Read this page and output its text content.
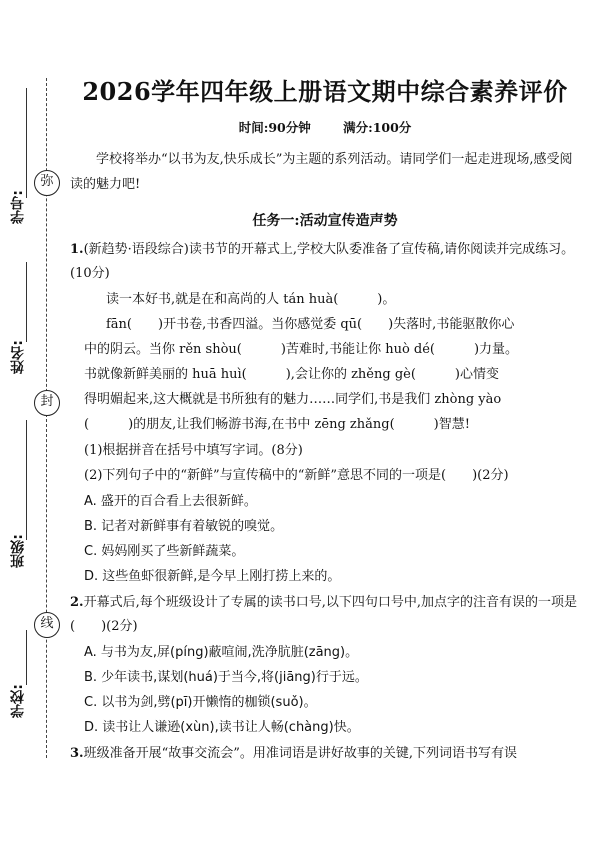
弥
封
线
学号:
姓名:
班级:
学校:
2026学年四年级上册语文期中综合素养评价
时间:90分钟	满分:100分
学校将举办“以书为友,快乐成长”为主题的系列活动。请同学们一起走进现场,感受阅读的魅力吧!
任务一:活动宣传造声势
1.(新趋势·语段综合)读书节的开幕式上,学校大队委准备了宣传稿,请你阅读并完成练习。(10分)
读一本好书,就是在和高尚的人 tán huà(　　　)。
fān(　　)开书卷,书香四溢。当你感觉委 qū(　　)失落时,书能驱散你心
中的阴云。当你 rěn shòu(　　　)苦难时,书能让你 huò dé(　　　)力量。
书就像新鲜美丽的 huā huì(　　　),会让你的 zhěng gè(　　　)心情变
得明媚起来,这大概就是书所独有的魅力……同学们,书是我们 zhòng yào
(　　　)的朋友,让我们畅游书海,在书中 zēng zhǎng(　　　)智慧!
(1)根据拼音在括号中填写字词。(8分)
(2)下列句子中的“新鲜”与宣传稿中的“新鲜”意思不同的一项是(　　)(2分)
A. 盛开的百合看上去很新鲜。
B. 记者对新鲜事有着敏锐的嗅觉。
C. 妈妈刚买了些新鲜蔬菜。
D. 这些鱼虾很新鲜,是今早上刚打捞上来的。
2.开幕式后,每个班级设计了专属的读书口号,以下四句口号中,加点字的注音有误的一项是(　　)(2分)
A. 与书为友,屏(píng)蔽喧闹,洗净肮脏(zāng)。
B. 少年读书,谋划(huá)于当今,将(jiāng)行于远。
C. 以书为剑,劈(pī)开懒惰的枷锁(suǒ)。
D. 读书让人谦逊(xùn),读书让人畅(chàng)快。
3.班级准备开展“故事交流会”。用准词语是讲好故事的关键,下列词语书写有误
